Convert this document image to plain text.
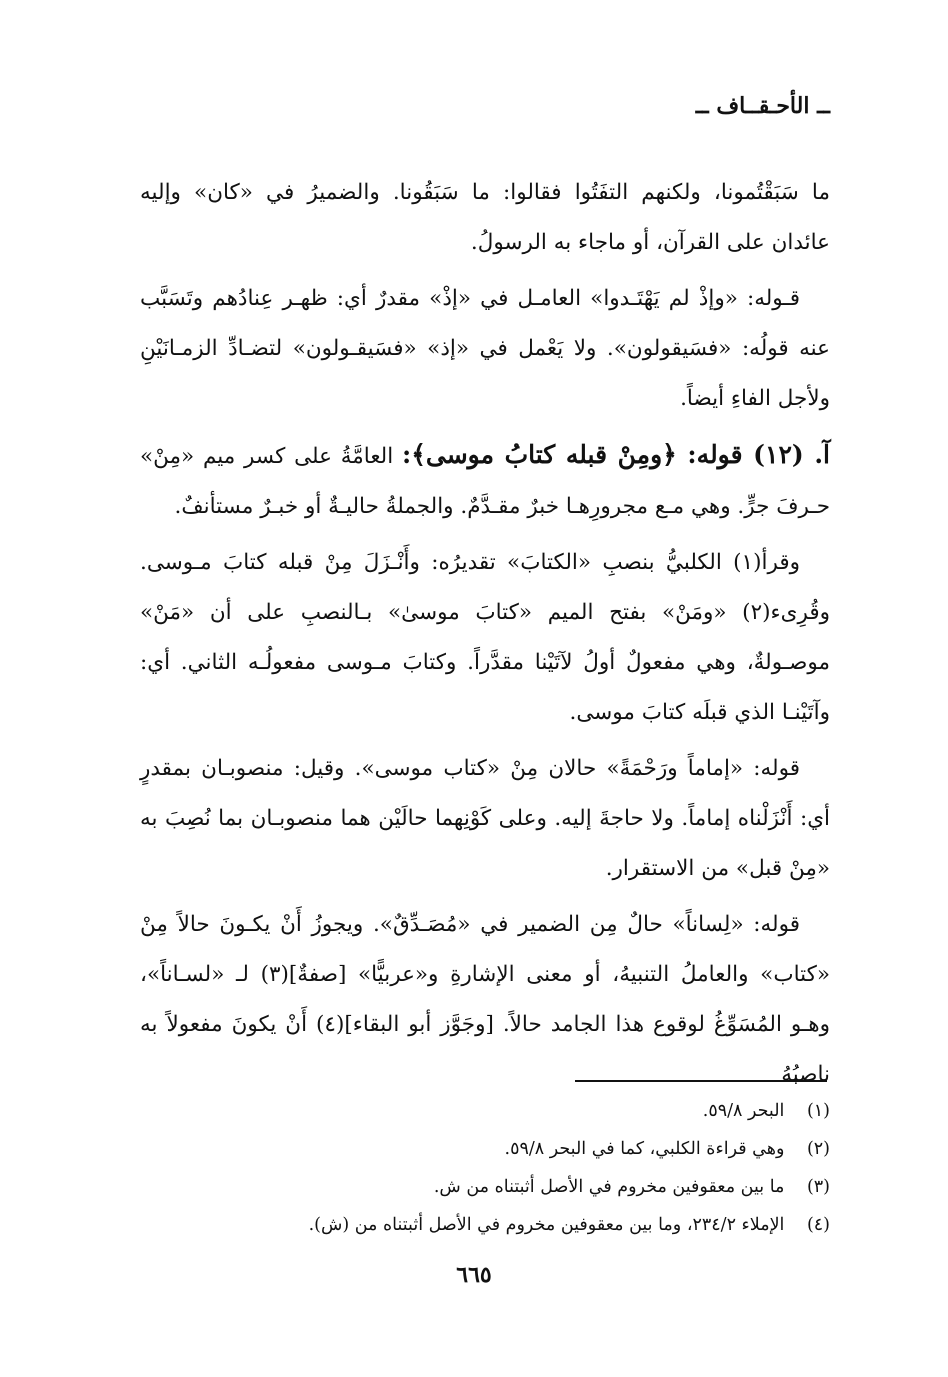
ــ الأحـقــاف ــ

ما سَبَقْتُمونا، ولكنهم التفَتُوا فقالوا: ما سَبَقُونا. والضميرُ في «كان» وإليه عائدان على القرآن، أو ماجاء به الرسولُ.

قـوله: «وإذْ لم يَهْتَـدوا» العامـل في «إذْ» مقدرٌ أي: ظهـر عِنادُهم وتَسَبَّب عنه قولُه: «فسَيقولون». ولا يَعْمل في «إذ» «فسَيقـولون» لتضـادِّ الزمـانَيْنِ ولأجل الفاءِ أيضاً.

آ. (١٢) قوله: ﴿ومِنْ قبله كتابُ موسى﴾: العامَّةُ على كسر ميم «مِنْ» حـرفَ جرٍّ. وهي مـع مجرورِهـا خبرٌ مقـدَّمٌ. والجملةُ حاليـةٌ أو خبـرٌ مستأنفٌ.

وقرأ(١) الكلبيُّ بنصبِ «الكتابَ» تقديرُه: وأَنْـزَلَ مِنْ قبله كتابَ مـوسى. وقُرِىء(٢) «ومَنْ» بفتح الميم «كتابَ موسىٰ» بـالنصبِ على أن «مَنْ» موصـولةٌ، وهي مفعولٌ أولُ لآتَيْنا مقدَّراً. وكتابَ مـوسى مفعولُـه الثاني. أي: وآتَيْنـا الذي قبلَه كتابَ موسى.

قوله: «إماماً ورَحْمَةً» حالان مِنْ «كتاب موسى». وقيل: منصوبـان بمقدرٍ أي: أَنْزَلْناه إماماً. ولا حاجةَ إليه. وعلى كَوْنِهما حالَيْن هما منصوبـان بما نُصِبَ به «مِنْ قبل» من الاستقرار.

قوله: «لِساناً» حالٌ مِن الضمير في «مُصَـدِّقٌ». ويجوزُ أَنْ يكـونَ حالاً مِنْ «كتاب» والعاملُ التنبيهُ، أو معنى الإشارةِ و«عربيًّا» [صفةٌ](٣) لـ «لسـاناً»، وهـو المُسَوِّغُ لوقوع هذا الجامد حالاً. [وجَوَّز أبو البقاء](٤) أَنْ يكونَ مفعولاً به ناصبُهُ

(١) البحر ٥٩/٨.
(٢) وهي قراءة الكلبي، كما في البحر ٥٩/٨.
(٣) ما بين معقوفين مخروم في الأصل أثبتناه من ش.
(٤) الإملاء ٢٣٤/٢، وما بين معقوفين مخروم في الأصل أثبتناه من (ش).
٦٦٥
